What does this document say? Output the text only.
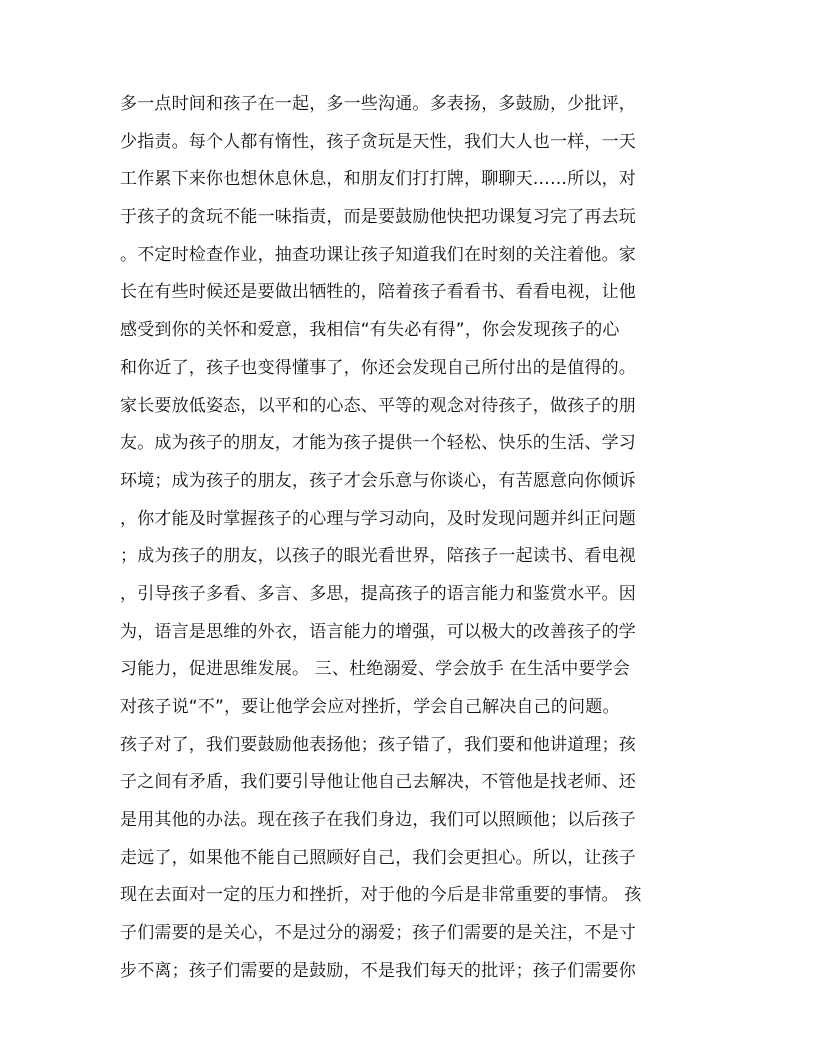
多一点时间和孩子在一起，多一些沟通。多表扬，多鼓励，少批评，
少指责。每个人都有惰性，孩子贪玩是天性，我们大人也一样，一天
工作累下来你也想休息休息，和朋友们打打牌，聊聊天……所以，对
于孩子的贪玩不能一味指责，而是要鼓励他快把功课复习完了再去玩
。不定时检查作业，抽查功课让孩子知道我们在时刻的关注着他。家
长在有些时候还是要做出牺牲的，陪着孩子看看书、看看电视，让他
感受到你的关怀和爱意，我相信“有失必有得”，你会发现孩子的心
和你近了，孩子也变得懂事了，你还会发现自己所付出的是值得的。
家长要放低姿态，以平和的心态、平等的观念对待孩子，做孩子的朋
友。成为孩子的朋友，才能为孩子提供一个轻松、快乐的生活、学习
环境；成为孩子的朋友，孩子才会乐意与你谈心，有苦愿意向你倾诉
，你才能及时掌握孩子的心理与学习动向，及时发现问题并纠正问题
；成为孩子的朋友，以孩子的眼光看世界，陪孩子一起读书、看电视
，引导孩子多看、多言、多思，提高孩子的语言能力和鉴赏水平。因
为，语言是思维的外衣，语言能力的增强，可以极大的改善孩子的学
习能力，促进思维发展。 三、杜绝溺爱、学会放手 在生活中要学会
对孩子说“不”，要让他学会应对挫折，学会自己解决自己的问题。
孩子对了，我们要鼓励他表扬他；孩子错了，我们要和他讲道理；孩
子之间有矛盾，我们要引导他让他自己去解决，不管他是找老师、还
是用其他的办法。现在孩子在我们身边，我们可以照顾他；以后孩子
走远了，如果他不能自己照顾好自己，我们会更担心。所以，让孩子
现在去面对一定的压力和挫折，对于他的今后是非常重要的事情。 孩
子们需要的是关心，不是过分的溺爱；孩子们需要的是关注，不是寸
步不离；孩子们需要的是鼓励，不是我们每天的批评；孩子们需要你
